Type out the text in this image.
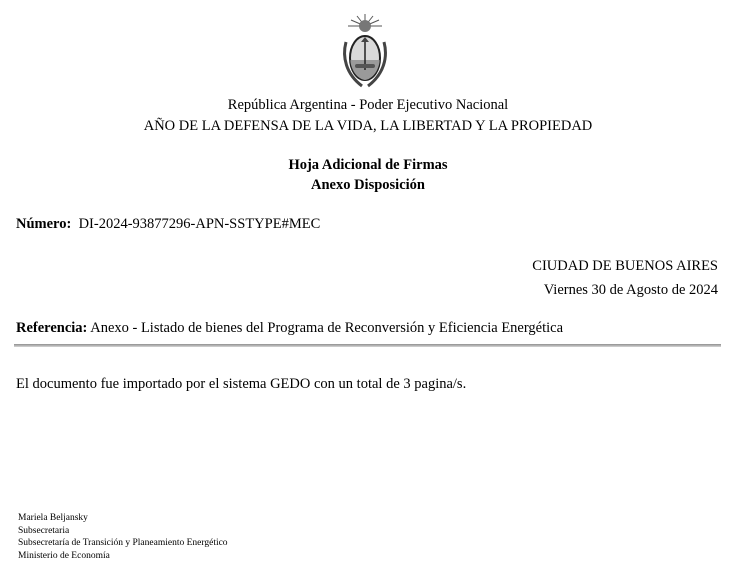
República Argentina - Poder Ejecutivo Nacional
AÑO DE LA DEFENSA DE LA VIDA, LA LIBERTAD Y LA PROPIEDAD
Hoja Adicional de Firmas
Anexo Disposición
Número: DI-2024-93877296-APN-SSTYPE#MEC
CIUDAD DE BUENOS AIRES
Viernes 30 de Agosto de 2024
Referencia: Anexo - Listado de bienes del Programa de Reconversión y Eficiencia Energética
El documento fue importado por el sistema GEDO con un total de 3 pagina/s.
Mariela Beljansky
Subsecretaria
Subsecretaría de Transición y Planeamiento Energético
Ministerio de Economía
